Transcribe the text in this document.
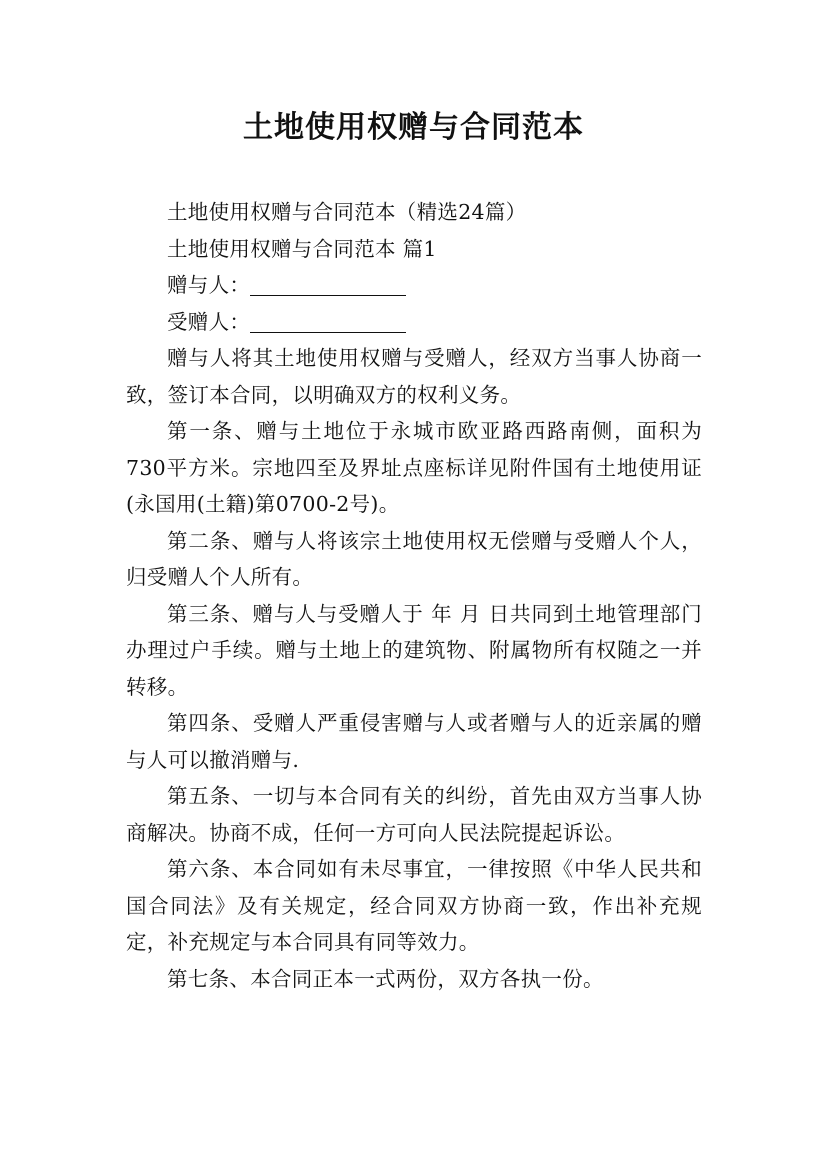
土地使用权赠与合同范本

土地使用权赠与合同范本（精选24篇）

土地使用权赠与合同范本 篇1

赠与人：

受赠人：

赠与人将其土地使用权赠与受赠人，经双方当事人协商一致，签订本合同，以明确双方的权利义务。

第一条、赠与土地位于永城市欧亚路西路南侧，面积为730平方米。宗地四至及界址点座标详见附件国有土地使用证(永国用(土籍)第0700-2号)。

第二条、赠与人将该宗土地使用权无偿赠与受赠人个人，归受赠人个人所有。

第三条、赠与人与受赠人于 年 月 日共同到土地管理部门办理过户手续。赠与土地上的建筑物、附属物所有权随之一并转移。

第四条、受赠人严重侵害赠与人或者赠与人的近亲属的赠与人可以撤消赠与.

第五条、一切与本合同有关的纠纷，首先由双方当事人协商解决。协商不成，任何一方可向人民法院提起诉讼。

第六条、本合同如有未尽事宜，一律按照《中华人民共和国合同法》及有关规定，经合同双方协商一致，作出补充规定，补充规定与本合同具有同等效力。

第七条、本合同正本一式两份，双方各执一份。
